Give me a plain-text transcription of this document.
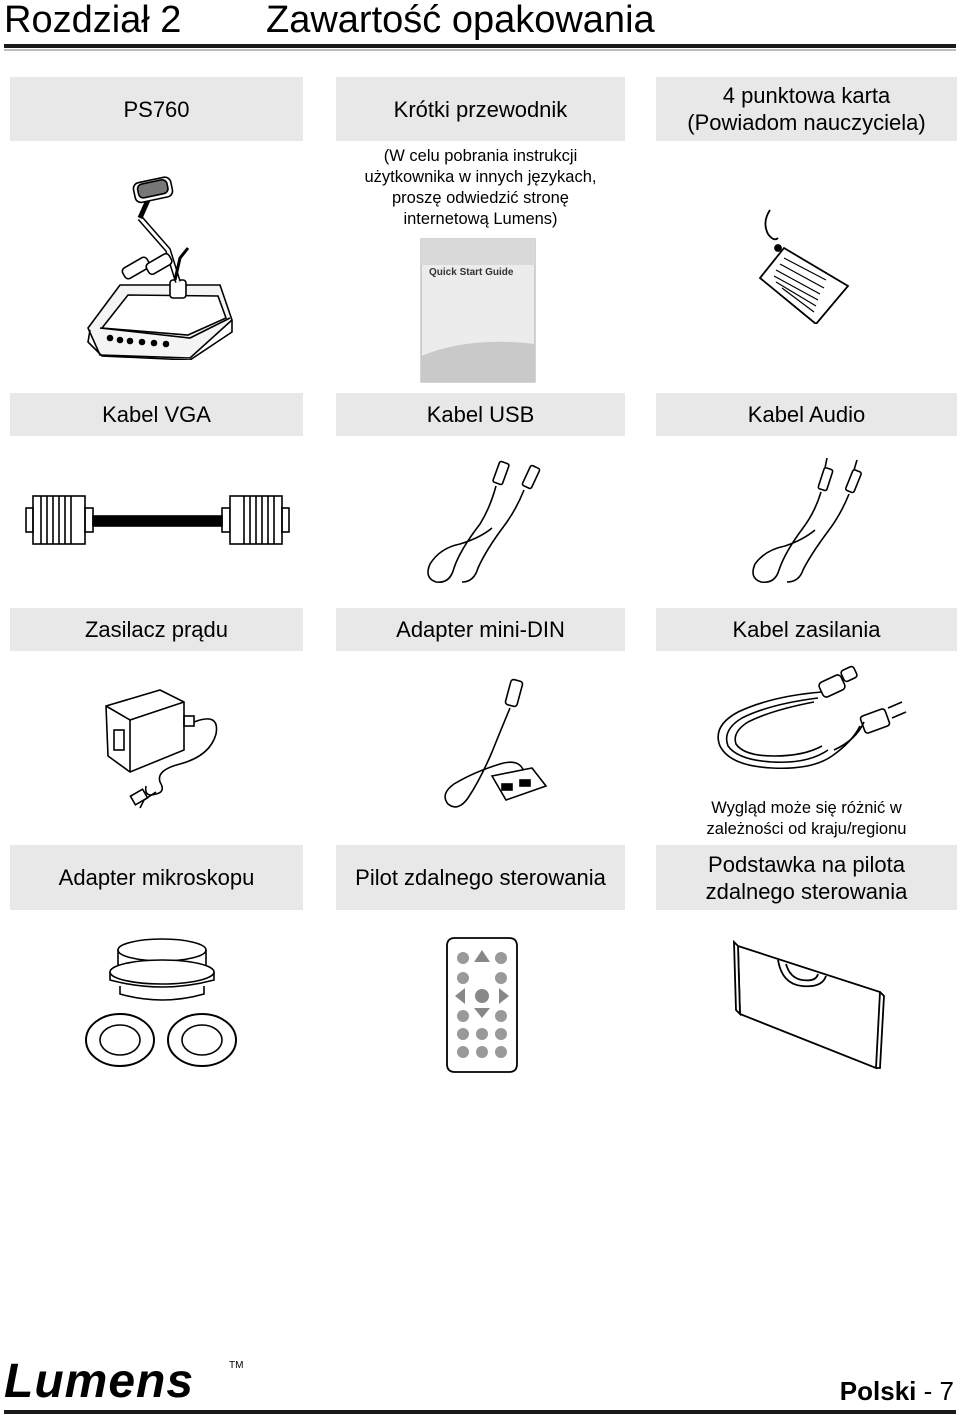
Rozdział 2 Zawartość opakowania
PS760	Krótki przewodnik
4 punktowa karta
(Powiadom nauczyciela)
(W celu pobrania instrukcji
użytkownika w innych językach,
proszę odwiedzić stronę
internetową Lumens)
Quick Start Guide
Kabel VGA	Kabel USB	Kabel Audio
Zasilacz prądu	Adapter mini-DIN	Kabel zasilania
Wygląd może się różnić w
zależności od kraju/regionu
Adapter mikroskopu	Pilot zdalnego sterowania
Podstawka na pilota
zdalnego sterowania
Lumens	TM
Polski - 7
